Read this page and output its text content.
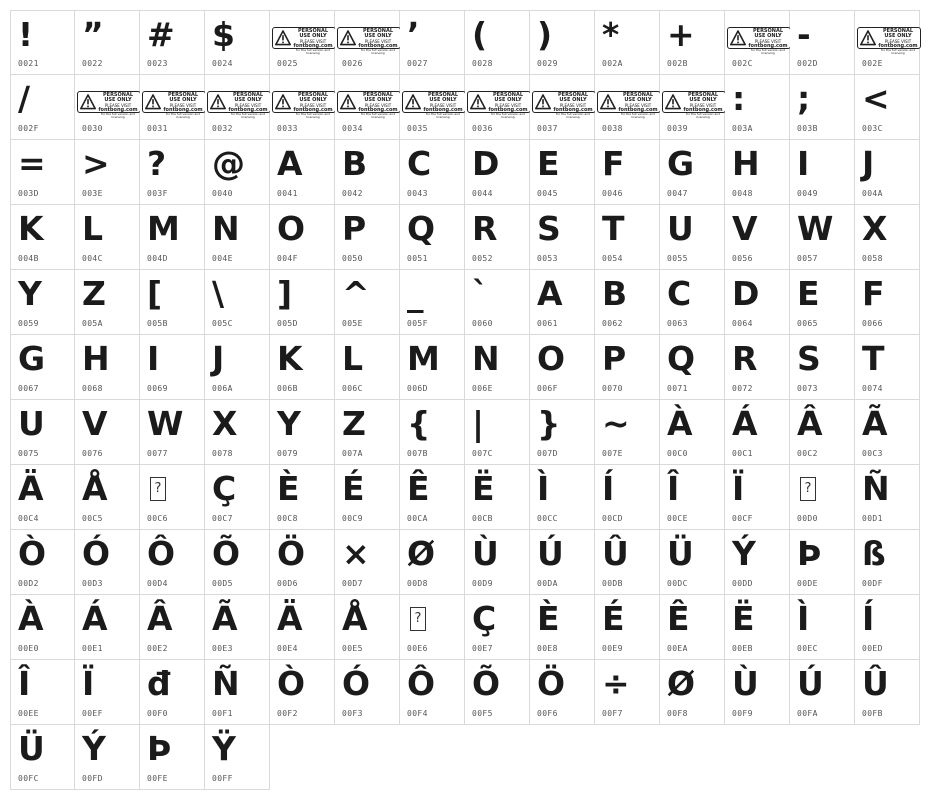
!
0021
”
0022
#
0023
$
0024
PERSONAL USE ONLY
PLEASE VISIT
fontbong.com
for the full version and licensing
0025
PERSONAL USE ONLY
PLEASE VISIT
fontbong.com
for the full version and licensing
0026
’
0027
(
0028
)
0029
*
002A
+
002B
PERSONAL USE ONLY
PLEASE VISIT
fontbong.com
for the full version and licensing
002C
-
002D
PERSONAL USE ONLY
PLEASE VISIT
fontbong.com
for the full version and licensing
002E
/
002F
PERSONAL USE ONLY
PLEASE VISIT
fontbong.com
for the full version and licensing
0030
PERSONAL USE ONLY
PLEASE VISIT
fontbong.com
for the full version and licensing
0031
PERSONAL USE ONLY
PLEASE VISIT
fontbong.com
for the full version and licensing
0032
PERSONAL USE ONLY
PLEASE VISIT
fontbong.com
for the full version and licensing
0033
PERSONAL USE ONLY
PLEASE VISIT
fontbong.com
for the full version and licensing
0034
PERSONAL USE ONLY
PLEASE VISIT
fontbong.com
for the full version and licensing
0035
PERSONAL USE ONLY
PLEASE VISIT
fontbong.com
for the full version and licensing
0036
PERSONAL USE ONLY
PLEASE VISIT
fontbong.com
for the full version and licensing
0037
PERSONAL USE ONLY
PLEASE VISIT
fontbong.com
for the full version and licensing
0038
PERSONAL USE ONLY
PLEASE VISIT
fontbong.com
for the full version and licensing
0039
:
003A
;
003B
<
003C
=
003D
>
003E
?
003F
@
0040
A
0041
B
0042
C
0043
D
0044
E
0045
F
0046
G
0047
H
0048
I
0049
J
004A
K
004B
L
004C
M
004D
N
004E
O
004F
P
0050
Q
0051
R
0052
S
0053
T
0054
U
0055
V
0056
W
0057
X
0058
Y
0059
Z
005A
[
005B
\
005C
]
005D
^
005E
_
005F
`
0060
A
0061
B
0062
C
0063
D
0064
E
0065
F
0066
G
0067
H
0068
I
0069
J
006A
K
006B
L
006C
M
006D
N
006E
O
006F
P
0070
Q
0071
R
0072
S
0073
T
0074
U
0075
V
0076
W
0077
X
0078
Y
0079
Z
007A
{
007B
|
007C
}
007D
~
007E
À
00C0
Á
00C1
Â
00C2
Ã
00C3
Ä
00C4
Å
00C5
?
00C6
Ç
00C7
È
00C8
É
00C9
Ê
00CA
Ë
00CB
Ì
00CC
Í
00CD
Î
00CE
Ï
00CF
?
00D0
Ñ
00D1
Ò
00D2
Ó
00D3
Ô
00D4
Õ
00D5
Ö
00D6
×
00D7
Ø
00D8
Ù
00D9
Ú
00DA
Û
00DB
Ü
00DC
Ý
00DD
Þ
00DE
ß
00DF
À
00E0
Á
00E1
Â
00E2
Ã
00E3
Ä
00E4
Å
00E5
?
00E6
Ç
00E7
È
00E8
É
00E9
Ê
00EA
Ë
00EB
Ì
00EC
Í
00ED
Î
00EE
Ï
00EF
đ
00F0
Ñ
00F1
Ò
00F2
Ó
00F3
Ô
00F4
Õ
00F5
Ö
00F6
÷
00F7
Ø
00F8
Ù
00F9
Ú
00FA
Û
00FB
Ü
00FC
Ý
00FD
Þ
00FE
Ÿ
00FF
